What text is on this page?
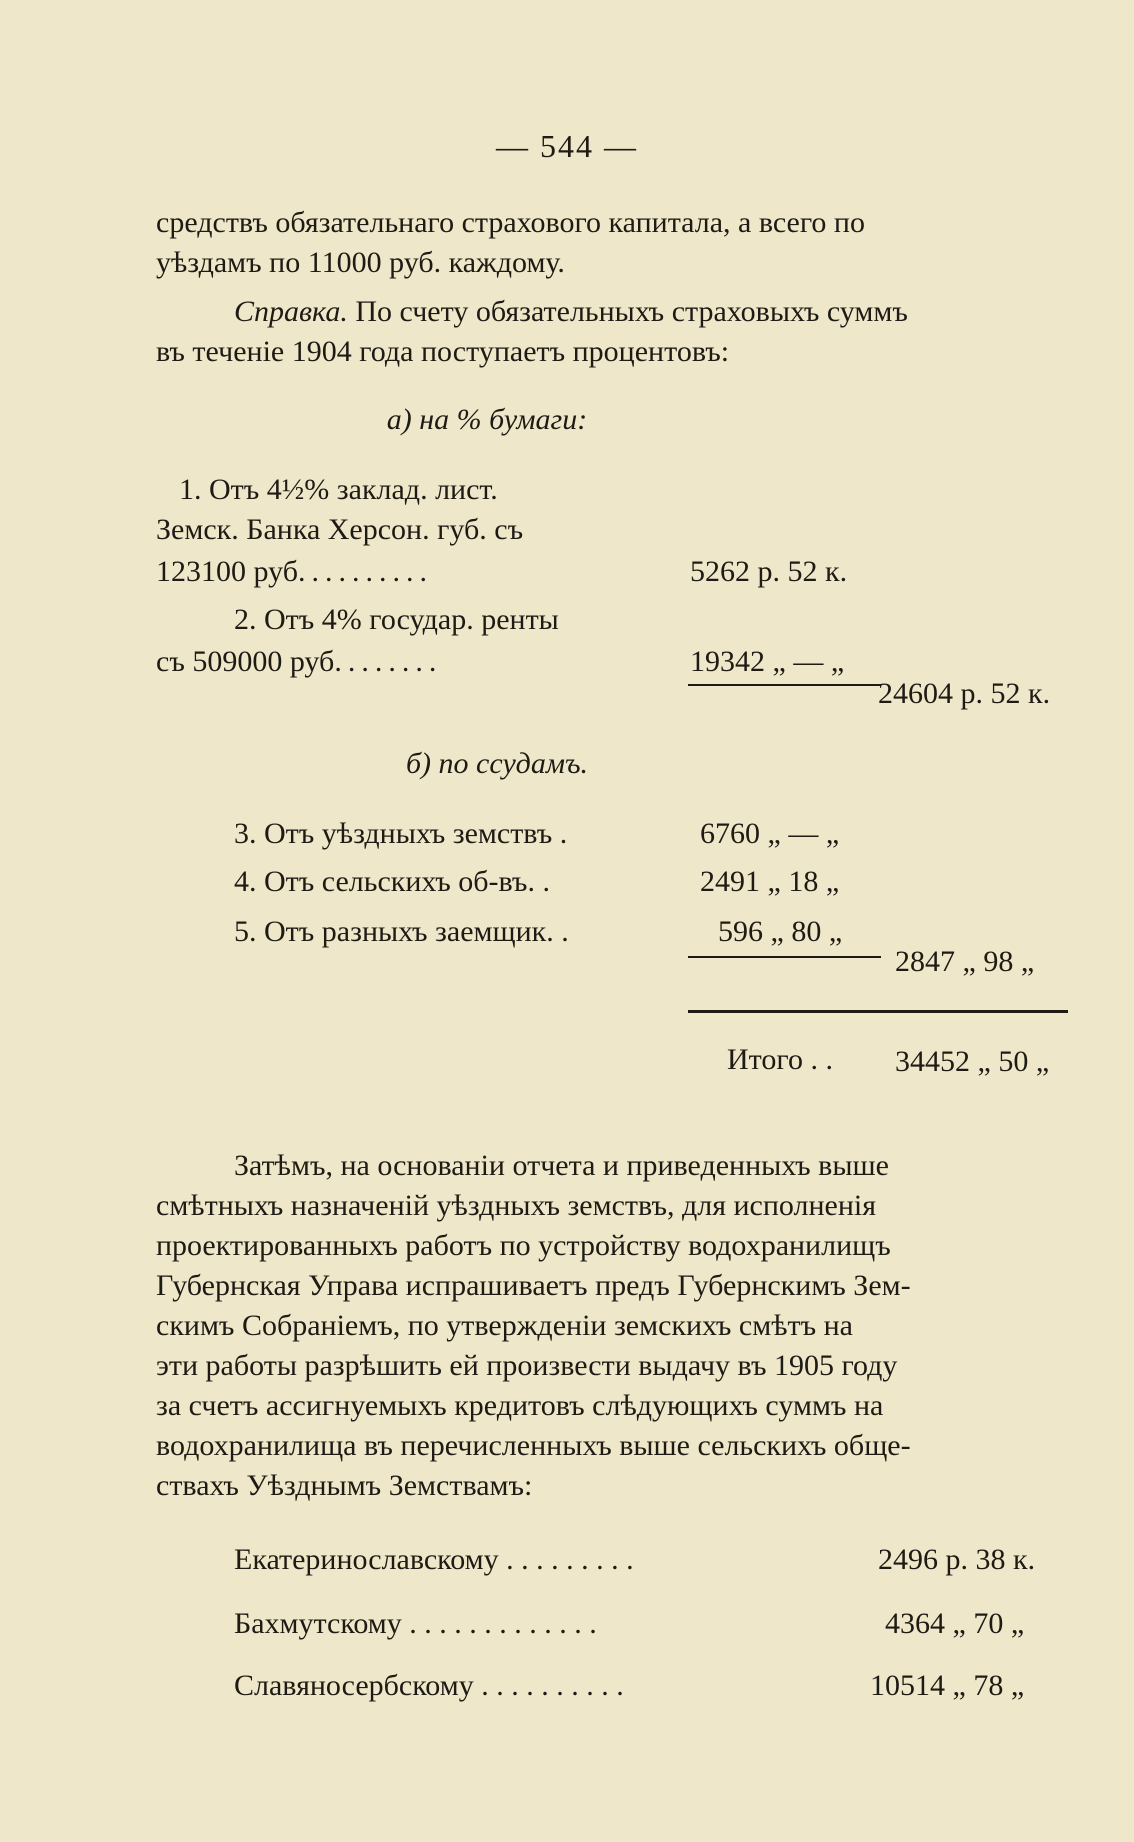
— 544 —
средствъ обязательнаго страхового капитала, а всего по
уѣздамъ по 11000 руб. каждому.
Справка. По счету обязательныхъ страховыхъ суммъ
въ теченіе 1904 года поступаетъ процентовъ:
а) на % бумаги:
1. Отъ 4½% заклад. лист.
Земск. Банка Херсон. губ. съ
123100 руб..........	5262 р. 52 к.
2. Отъ 4% государ. ренты
съ 509000 руб........	19342 „ — „
24604 р. 52 к.
б) по ссудамъ.
3. Отъ уѣздныхъ земствъ .	6760 „ — „
4. Отъ сельскихъ об-въ. .	2491 „ 18 „
5. Отъ разныхъ заемщик. .	596 „ 80 „
2847 „ 98 „
Итого . . 34452 „ 50 „
Затѣмъ, на основаніи отчета и приведенныхъ выше
смѣтныхъ назначеній уѣздныхъ земствъ, для исполненія
проектированныхъ работъ по устройству водохранилищъ
Губернская Управа испрашиваетъ предъ Губернскимъ Зем-
скимъ Собраніемъ, по утвержденіи земскихъ смѣтъ на
эти работы разрѣшить ей произвести выдачу въ 1905 году
за счетъ ассигнуемыхъ кредитовъ слѣдующихъ суммъ на
водохранилища въ перечисленныхъ выше сельскихъ обще-
ствахъ Уѣзднымъ Земствамъ:
Екатеринославскому . . . . . . . . .	2496 р. 38 к.
Бахмутскому . . . . . . . . . . . . .	4364 „ 70 „
Славяносербскому . . . . . . . . . .	10514 „ 78 „
